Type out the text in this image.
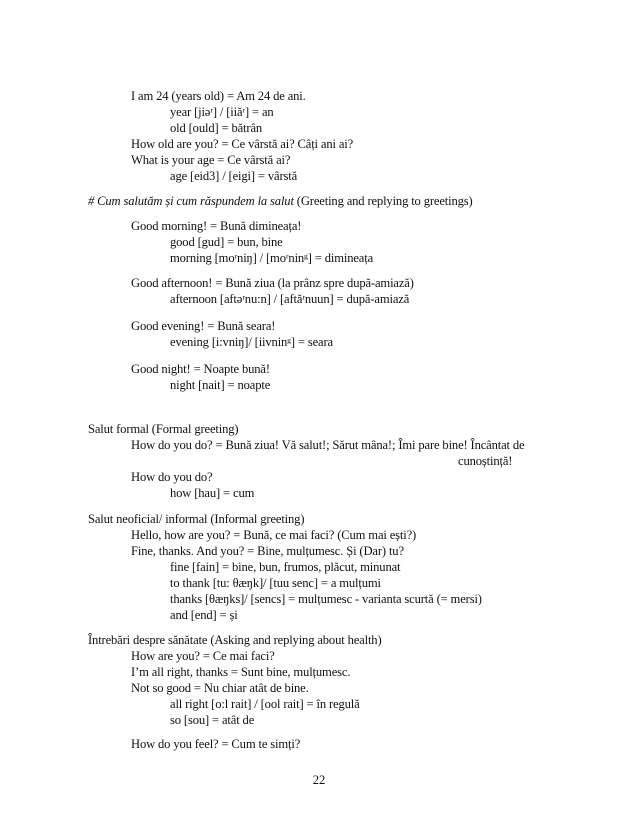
I am 24 (years old) = Am 24 de ani.
year [jiəʳ] / [iiăʳ] = an
old [ould] = bătrân
How old are you? = Ce vârstă ai? Câți ani ai?
What is your age = Ce vârstă ai?
age [eid3] / [eigi] = vârstă
# Cum salutăm și cum răspundem la salut (Greeting and replying to greetings)
Good morning! = Bună dimineața!
good [gud] = bun, bine
morning [moʳniŋ] / [moʳninᵍ] = dimineața
Good afternoon! = Bună ziua (la prânz spre după-amiază)
afternoon [aftəʳnu:n] / [aftăʳnuun] = după-amiază
Good evening! = Bună seara!
evening [i:vniŋ]/ [iivninᵍ] = seara
Good night! = Noapte bună!
night [nait] = noapte
Salut formal (Formal greeting)
How do you do? = Bună ziua! Vă salut!; Sărut mâna!; Îmi pare bine! Încântat de
cunoștință!
How do you do?
how [hau] = cum
Salut neoficial/ informal (Informal greeting)
Hello, how are you? = Bună, ce mai faci? (Cum mai ești?)
Fine, thanks. And you? = Bine, mulțumesc. Și (Dar) tu?
fine [fain] = bine, bun, frumos, plăcut, minunat
to thank [tu: θæŋk]/ [tuu senc] = a mulțumi
thanks [θæŋks]/ [sencs] = mulțumesc - varianta scurtă (= mersi)
and [end] = și
Întrebări despre sănătate (Asking and replying about health)
How are you? = Ce mai faci?
I’m all right, thanks = Sunt bine, mulțumesc.
Not so good = Nu chiar atât de bine.
all right [o:l rait] / [ool rait] = în regulă
so [sou] = atât de
How do you feel? = Cum te simți?
22
